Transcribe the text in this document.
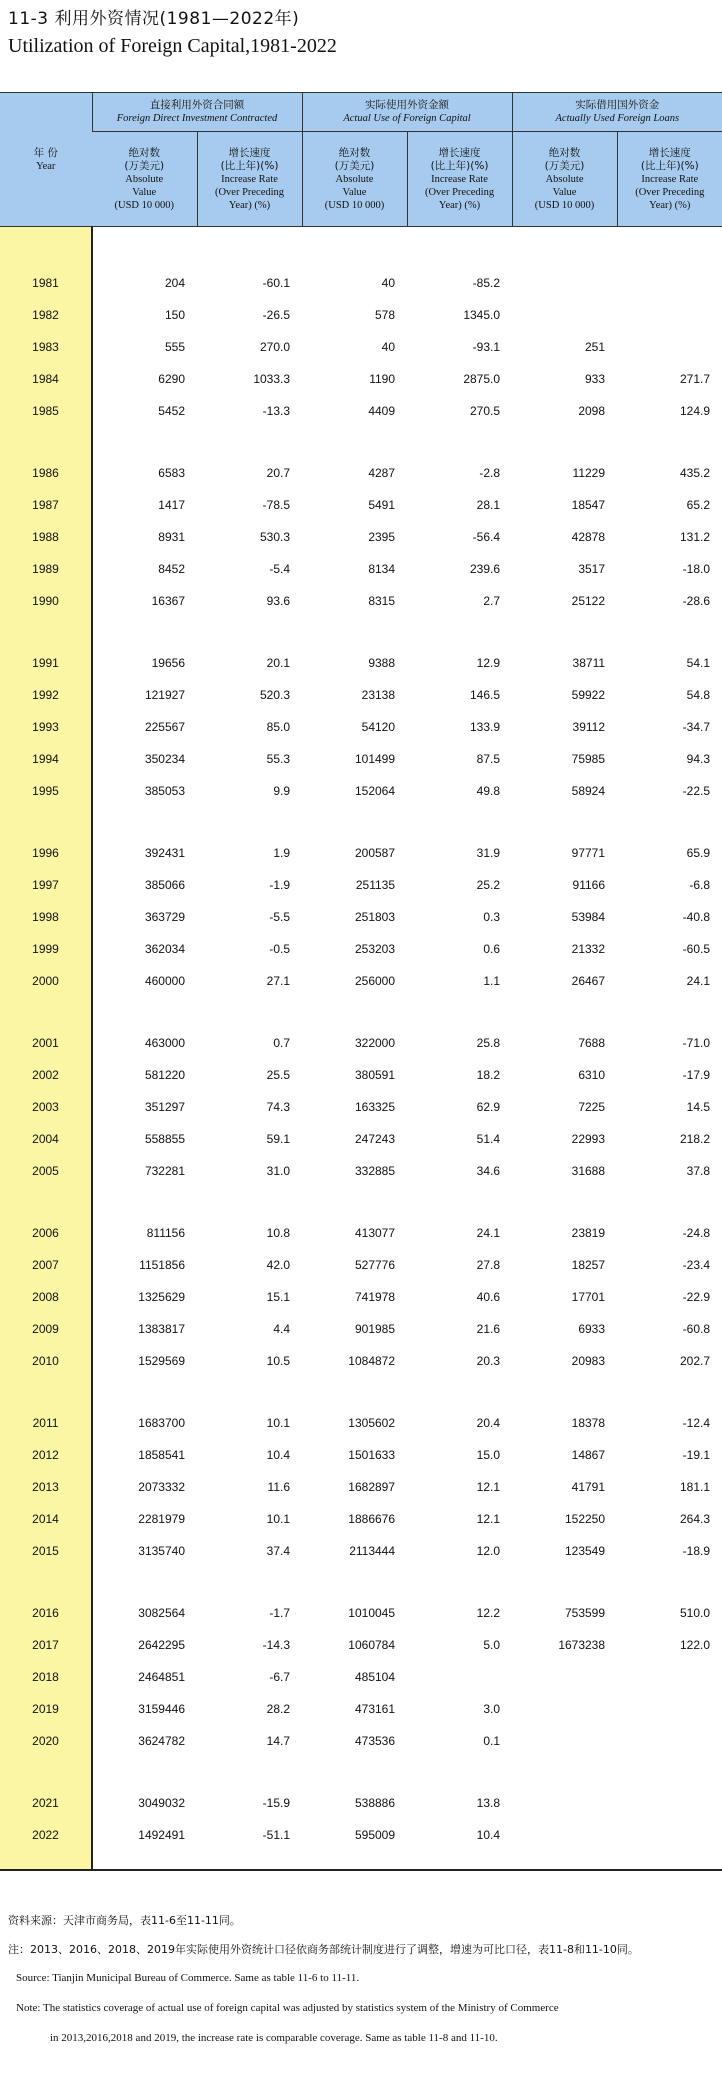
11-3 利用外资情况(1981—2022年)
Utilization of Foreign Capital,1981-2022
年 份
Year	直接利用外资合同额
Foreign Direct Investment Contracted		实际使用外资金额
Actual Use of Foreign Capital		实际借用国外资金
Actually Used Foreign Loans	
	绝对数
(万美元)
Absolute
Value
(USD 10 000)	增长速度
(比上年)(%)
Increase Rate
(Over Preceding
Year) (%)	绝对数
(万美元)
Absolute
Value
(USD 10 000)	增长速度
(比上年)(%)
Increase Rate
(Over Preceding
Year) (%)	绝对数
(万美元)
Absolute
Value
(USD 10 000)	增长速度
(比上年)(%)
Increase Rate
(Over Preceding
Year) (%)

1981	204	-60.1	40	-85.2		
1982	150	-26.5	578	1345.0		
1983	555	270.0	40	-93.1	251	
1984	6290	1033.3	1190	2875.0	933	271.7
1985	5452	-13.3	4409	270.5	2098	124.9

1986	6583	20.7	4287	-2.8	11229	435.2
1987	1417	-78.5	5491	28.1	18547	65.2
1988	8931	530.3	2395	-56.4	42878	131.2
1989	8452	-5.4	8134	239.6	3517	-18.0
1990	16367	93.6	8315	2.7	25122	-28.6

1991	19656	20.1	9388	12.9	38711	54.1
1992	121927	520.3	23138	146.5	59922	54.8
1993	225567	85.0	54120	133.9	39112	-34.7
1994	350234	55.3	101499	87.5	75985	94.3
1995	385053	9.9	152064	49.8	58924	-22.5

1996	392431	1.9	200587	31.9	97771	65.9
1997	385066	-1.9	251135	25.2	91166	-6.8
1998	363729	-5.5	251803	0.3	53984	-40.8
1999	362034	-0.5	253203	0.6	21332	-60.5
2000	460000	27.1	256000	1.1	26467	24.1

2001	463000	0.7	322000	25.8	7688	-71.0
2002	581220	25.5	380591	18.2	6310	-17.9
2003	351297	74.3	163325	62.9	7225	14.5
2004	558855	59.1	247243	51.4	22993	218.2
2005	732281	31.0	332885	34.6	31688	37.8

2006	811156	10.8	413077	24.1	23819	-24.8
2007	1151856	42.0	527776	27.8	18257	-23.4
2008	1325629	15.1	741978	40.6	17701	-22.9
2009	1383817	4.4	901985	21.6	6933	-60.8
2010	1529569	10.5	1084872	20.3	20983	202.7

2011	1683700	10.1	1305602	20.4	18378	-12.4
2012	1858541	10.4	1501633	15.0	14867	-19.1
2013	2073332	11.6	1682897	12.1	41791	181.1
2014	2281979	10.1	1886676	12.1	152250	264.3
2015	3135740	37.4	2113444	12.0	123549	-18.9

2016	3082564	-1.7	1010045	12.2	753599	510.0
2017	2642295	-14.3	1060784	5.0	1673238	122.0
2018	2464851	-6.7	485104			
2019	3159446	28.2	473161	3.0		
2020	3624782	14.7	473536	0.1		

2021	3049032	-15.9	538886	13.8		
2022	1492491	-51.1	595009	10.4		

资料来源：天津市商务局，表11-6至11-11同。
注：2013、2016、2018、2019年实际使用外资统计口径依商务部统计制度进行了调整，增速为可比口径，表11-8和11-10同。
Source: Tianjin Municipal Bureau of Commerce. Same as table 11-6 to 11-11.
Note: The statistics coverage of actual use of foreign capital was adjusted by statistics system of the Ministry of Commerce
in 2013,2016,2018 and 2019, the increase rate is comparable coverage. Same as table 11-8 and 11-10.
